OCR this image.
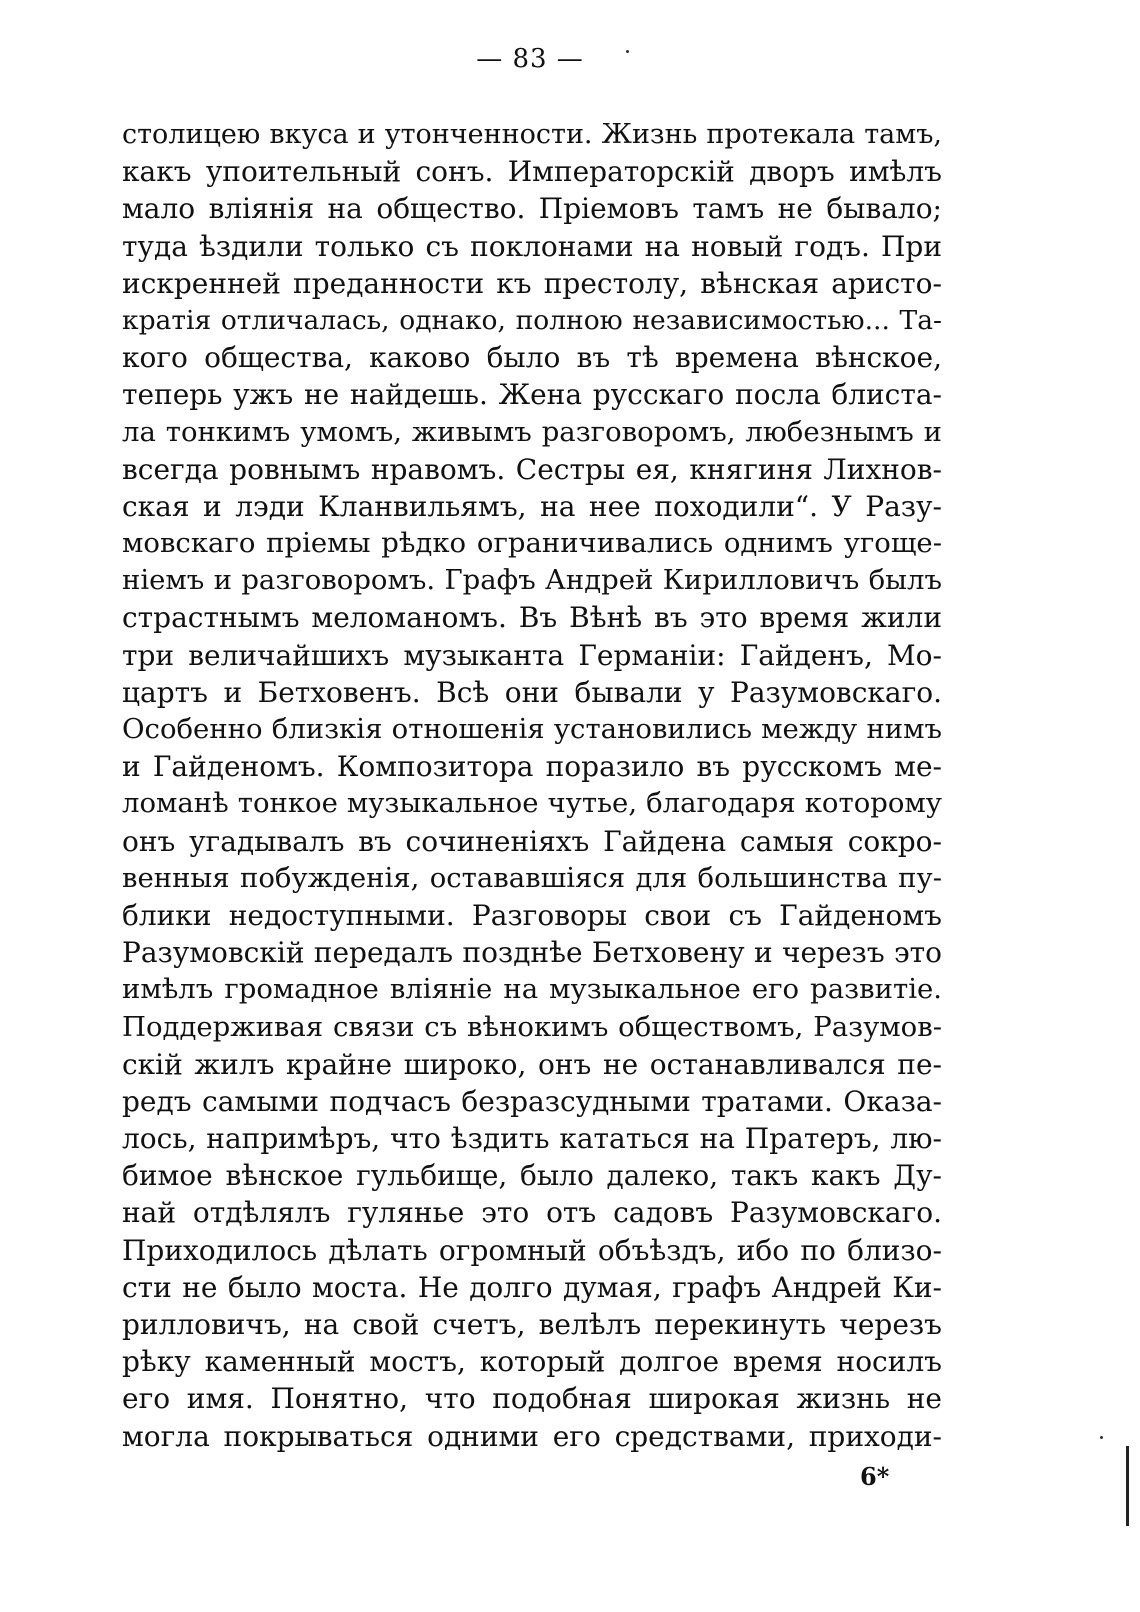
— 83 —
столицею вкуса и утонченности. Жизнь протекала тамъ,
какъ упоительный сонъ. Императорскій дворъ имѣлъ
мало вліянія на общество. Пріемовъ тамъ не бывало;
туда ѣздили только съ поклонами на новый годъ. При
искренней преданности къ престолу, вѣнская аристо-
кратія отличалась, однако, полною независимостью... Та-
кого общества, каково было въ тѣ времена вѣнское,
теперь ужъ не найдешь. Жена русскаго посла блиста-
ла тонкимъ умомъ, живымъ разговоромъ, любезнымъ и
всегда ровнымъ нравомъ. Сестры ея, княгиня Лихнов-
ская и лэди Кланвильямъ, на нее походили“. У Разу-
мовскаго пріемы рѣдко ограничивались однимъ угоще-
ніемъ и разговоромъ. Графъ Андрей Кирилловичъ былъ
страстнымъ меломаномъ. Въ Вѣнѣ въ это время жили
три величайшихъ музыканта Германіи: Гайденъ, Мо-
цартъ и Бетховенъ. Всѣ они бывали у Разумовскаго.
Особенно близкія отношенія установились между нимъ
и Гайденомъ. Композитора поразило въ русскомъ ме-
ломанѣ тонкое музыкальное чутье, благодаря которому
онъ угадывалъ въ сочиненіяхъ Гайдена самыя сокро-
венныя побужденія, остававшіяся для большинства пу-
блики недоступными. Разговоры свои съ Гайденомъ
Разумовскій передалъ позднѣе Бетховену и черезъ это
имѣлъ громадное вліяніе на музыкальное его развитіе.
Поддерживая связи съ вѣнокимъ обществомъ, Разумов-
скій жилъ крайне широко, онъ не останавливался пе-
редъ самыми подчасъ безразсудными тратами. Оказа-
лось, напримѣръ, что ѣздить кататься на Пратеръ, лю-
бимое вѣнское гульбище, было далеко, такъ какъ Ду-
най отдѣлялъ гулянье это отъ садовъ Разумовскаго.
Приходилось дѣлать огромный объѣздъ, ибо по близо-
сти не было моста. Не долго думая, графъ Андрей Ки-
рилловичъ, на свой счетъ, велѣлъ перекинуть черезъ
рѣку каменный мостъ, который долгое время носилъ
его имя. Понятно, что подобная широкая жизнь не
могла покрываться одними его средствами, приходи-
6*
